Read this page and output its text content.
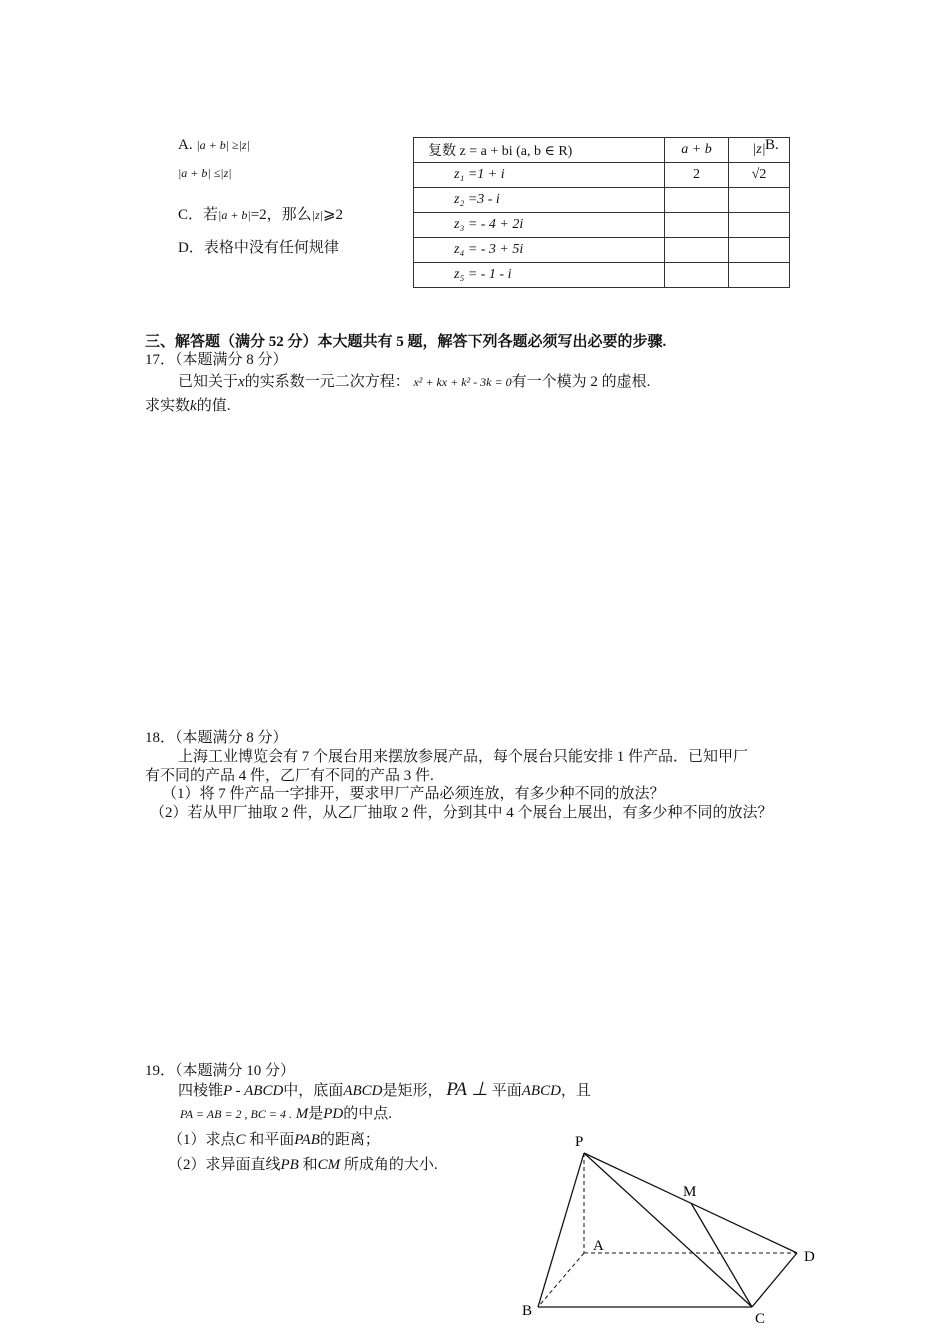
A. |a + b| ≥|z|
|a + b| ≤|z|
B.
C．若|a + b|=2，那么|z|⩾2
D．表格中没有任何规律
复数 z = a + bi (a, b ∈ R)	a + b	|z|
z₁ =1 + i	2	√2
z₂ =3 - i		
z₃ = - 4 + 2i		
z₄ = - 3 + 5i		
z₅ = - 1 - i		
三、解答题（满分 52 分）本大题共有 5 题，解答下列各题必须写出必要的步骤.
17．（本题满分 8 分）
已知关于x的实系数一元二次方程： x² + kx + k² - 3k = 0有一个模为 2 的虚根.
求实数k的值.
18．（本题满分 8 分）
上海工业博览会有 7 个展台用来摆放参展产品，每个展台只能安排 1 件产品．已知甲厂
有不同的产品 4 件，乙厂有不同的产品 3 件.
（1）将 7 件产品一字排开，要求甲厂产品必须连放，有多少种不同的放法？
（2）若从甲厂抽取 2 件，从乙厂抽取 2 件，分到其中 4 个展台上展出，有多少种不同的放法？
19．（本题满分 10 分）
四棱锥P - ABCD中，底面ABCD是矩形， PA ⊥ 平面ABCD，且
PA = AB = 2 , BC = 4 . M是PD的中点.
（1）求点C 和平面PAB的距离；
（2）求异面直线PB 和CM 所成角的大小.
P
M
A
D
B	C
